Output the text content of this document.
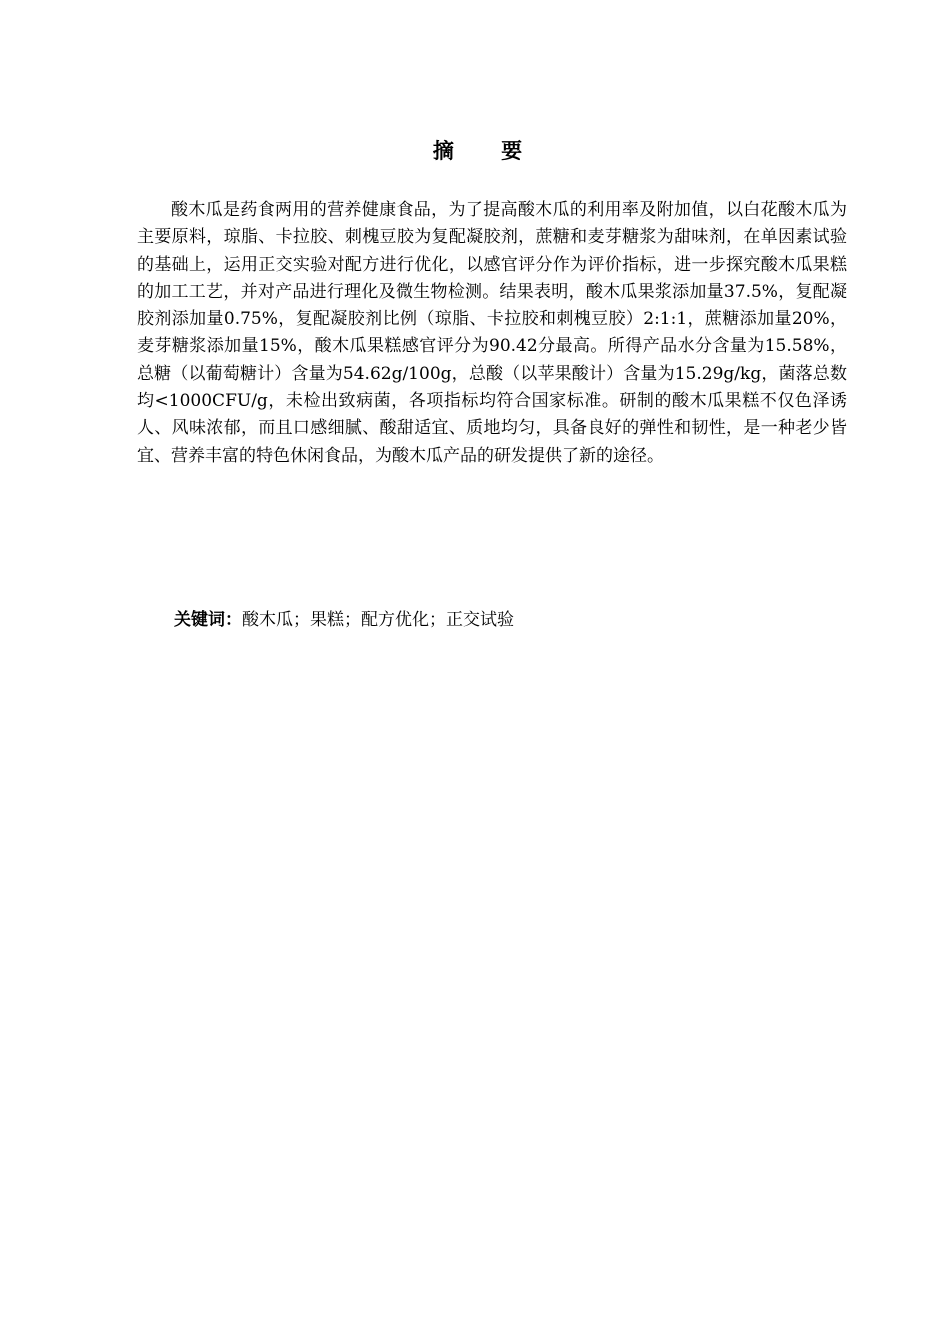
摘 要

酸木瓜是药食两用的营养健康食品，为了提高酸木瓜的利用率及附加值，以白花酸木瓜为主要原料，琼脂、卡拉胶、刺槐豆胶为复配凝胶剂，蔗糖和麦芽糖浆为甜味剂，在单因素试验的基础上，运用正交实验对配方进行优化，以感官评分作为评价指标，进一步探究酸木瓜果糕的加工工艺，并对产品进行理化及微生物检测。结果表明，酸木瓜果浆添加量37.5%，复配凝胶剂添加量0.75%，复配凝胶剂比例（琼脂、卡拉胶和刺槐豆胶）2:1:1，蔗糖添加量20%，麦芽糖浆添加量15%，酸木瓜果糕感官评分为90.42分最高。所得产品水分含量为15.58%，总糖（以葡萄糖计）含量为54.62g/100g，总酸（以苹果酸计）含量为15.29g/kg，菌落总数均<1000CFU/g，未检出致病菌，各项指标均符合国家标准。研制的酸木瓜果糕不仅色泽诱人、风味浓郁，而且口感细腻、酸甜适宜、质地均匀，具备良好的弹性和韧性，是一种老少皆宜、营养丰富的特色休闲食品，为酸木瓜产品的研发提供了新的途径。

关键词：酸木瓜；果糕；配方优化；正交试验
